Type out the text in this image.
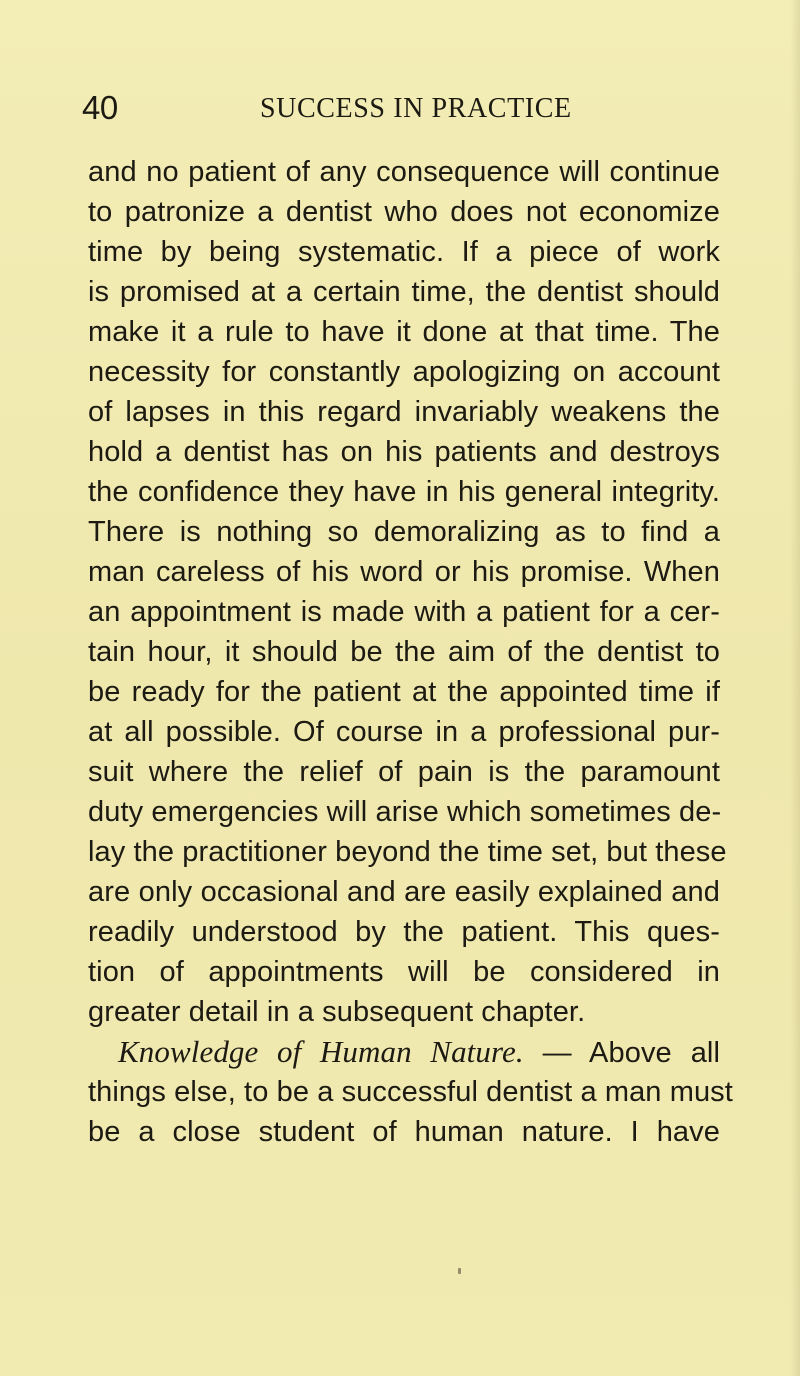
40	SUCCESS IN PRACTICE
and no patient of any consequence will continue
to patronize a dentist who does not economize
time by being systematic. If a piece of work
is promised at a certain time, the dentist should
make it a rule to have it done at that time. The
necessity for constantly apologizing on account
of lapses in this regard invariably weakens the
hold a dentist has on his patients and destroys
the confidence they have in his general integrity.
There is nothing so demoralizing as to find a
man careless of his word or his promise. When
an appointment is made with a patient for a cer-
tain hour, it should be the aim of the dentist to
be ready for the patient at the appointed time if
at all possible. Of course in a professional pur-
suit where the relief of pain is the paramount
duty emergencies will arise which sometimes de-
lay the practitioner beyond the time set, but these
are only occasional and are easily explained and
readily understood by the patient. This ques-
tion of appointments will be considered in
greater detail in a subsequent chapter.
Knowledge of Human Nature. — Above all
things else, to be a successful dentist a man must
be a close student of human nature. I have
